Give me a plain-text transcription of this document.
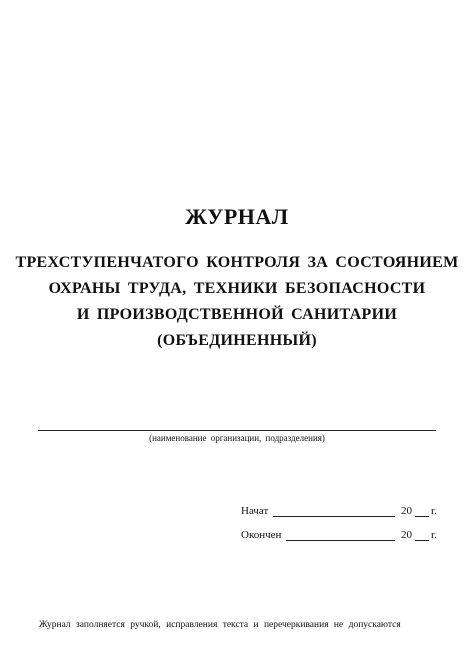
ЖУРНАЛ
ТРЕХСТУПЕНЧАТОГО КОНТРОЛЯ ЗА СОСТОЯНИЕМ
ОХРАНЫ ТРУДА, ТЕХНИКИ БЕЗОПАСНОСТИ
И ПРОИЗВОДСТВЕННОЙ САНИТАРИИ
(ОБЪЕДИНЕННЫЙ)
(наименование организации, подразделения)
Начат	20 г.
Окончен	20 г.
Журнал заполняется ручкой, исправления текста и перечеркивания не допускаются
